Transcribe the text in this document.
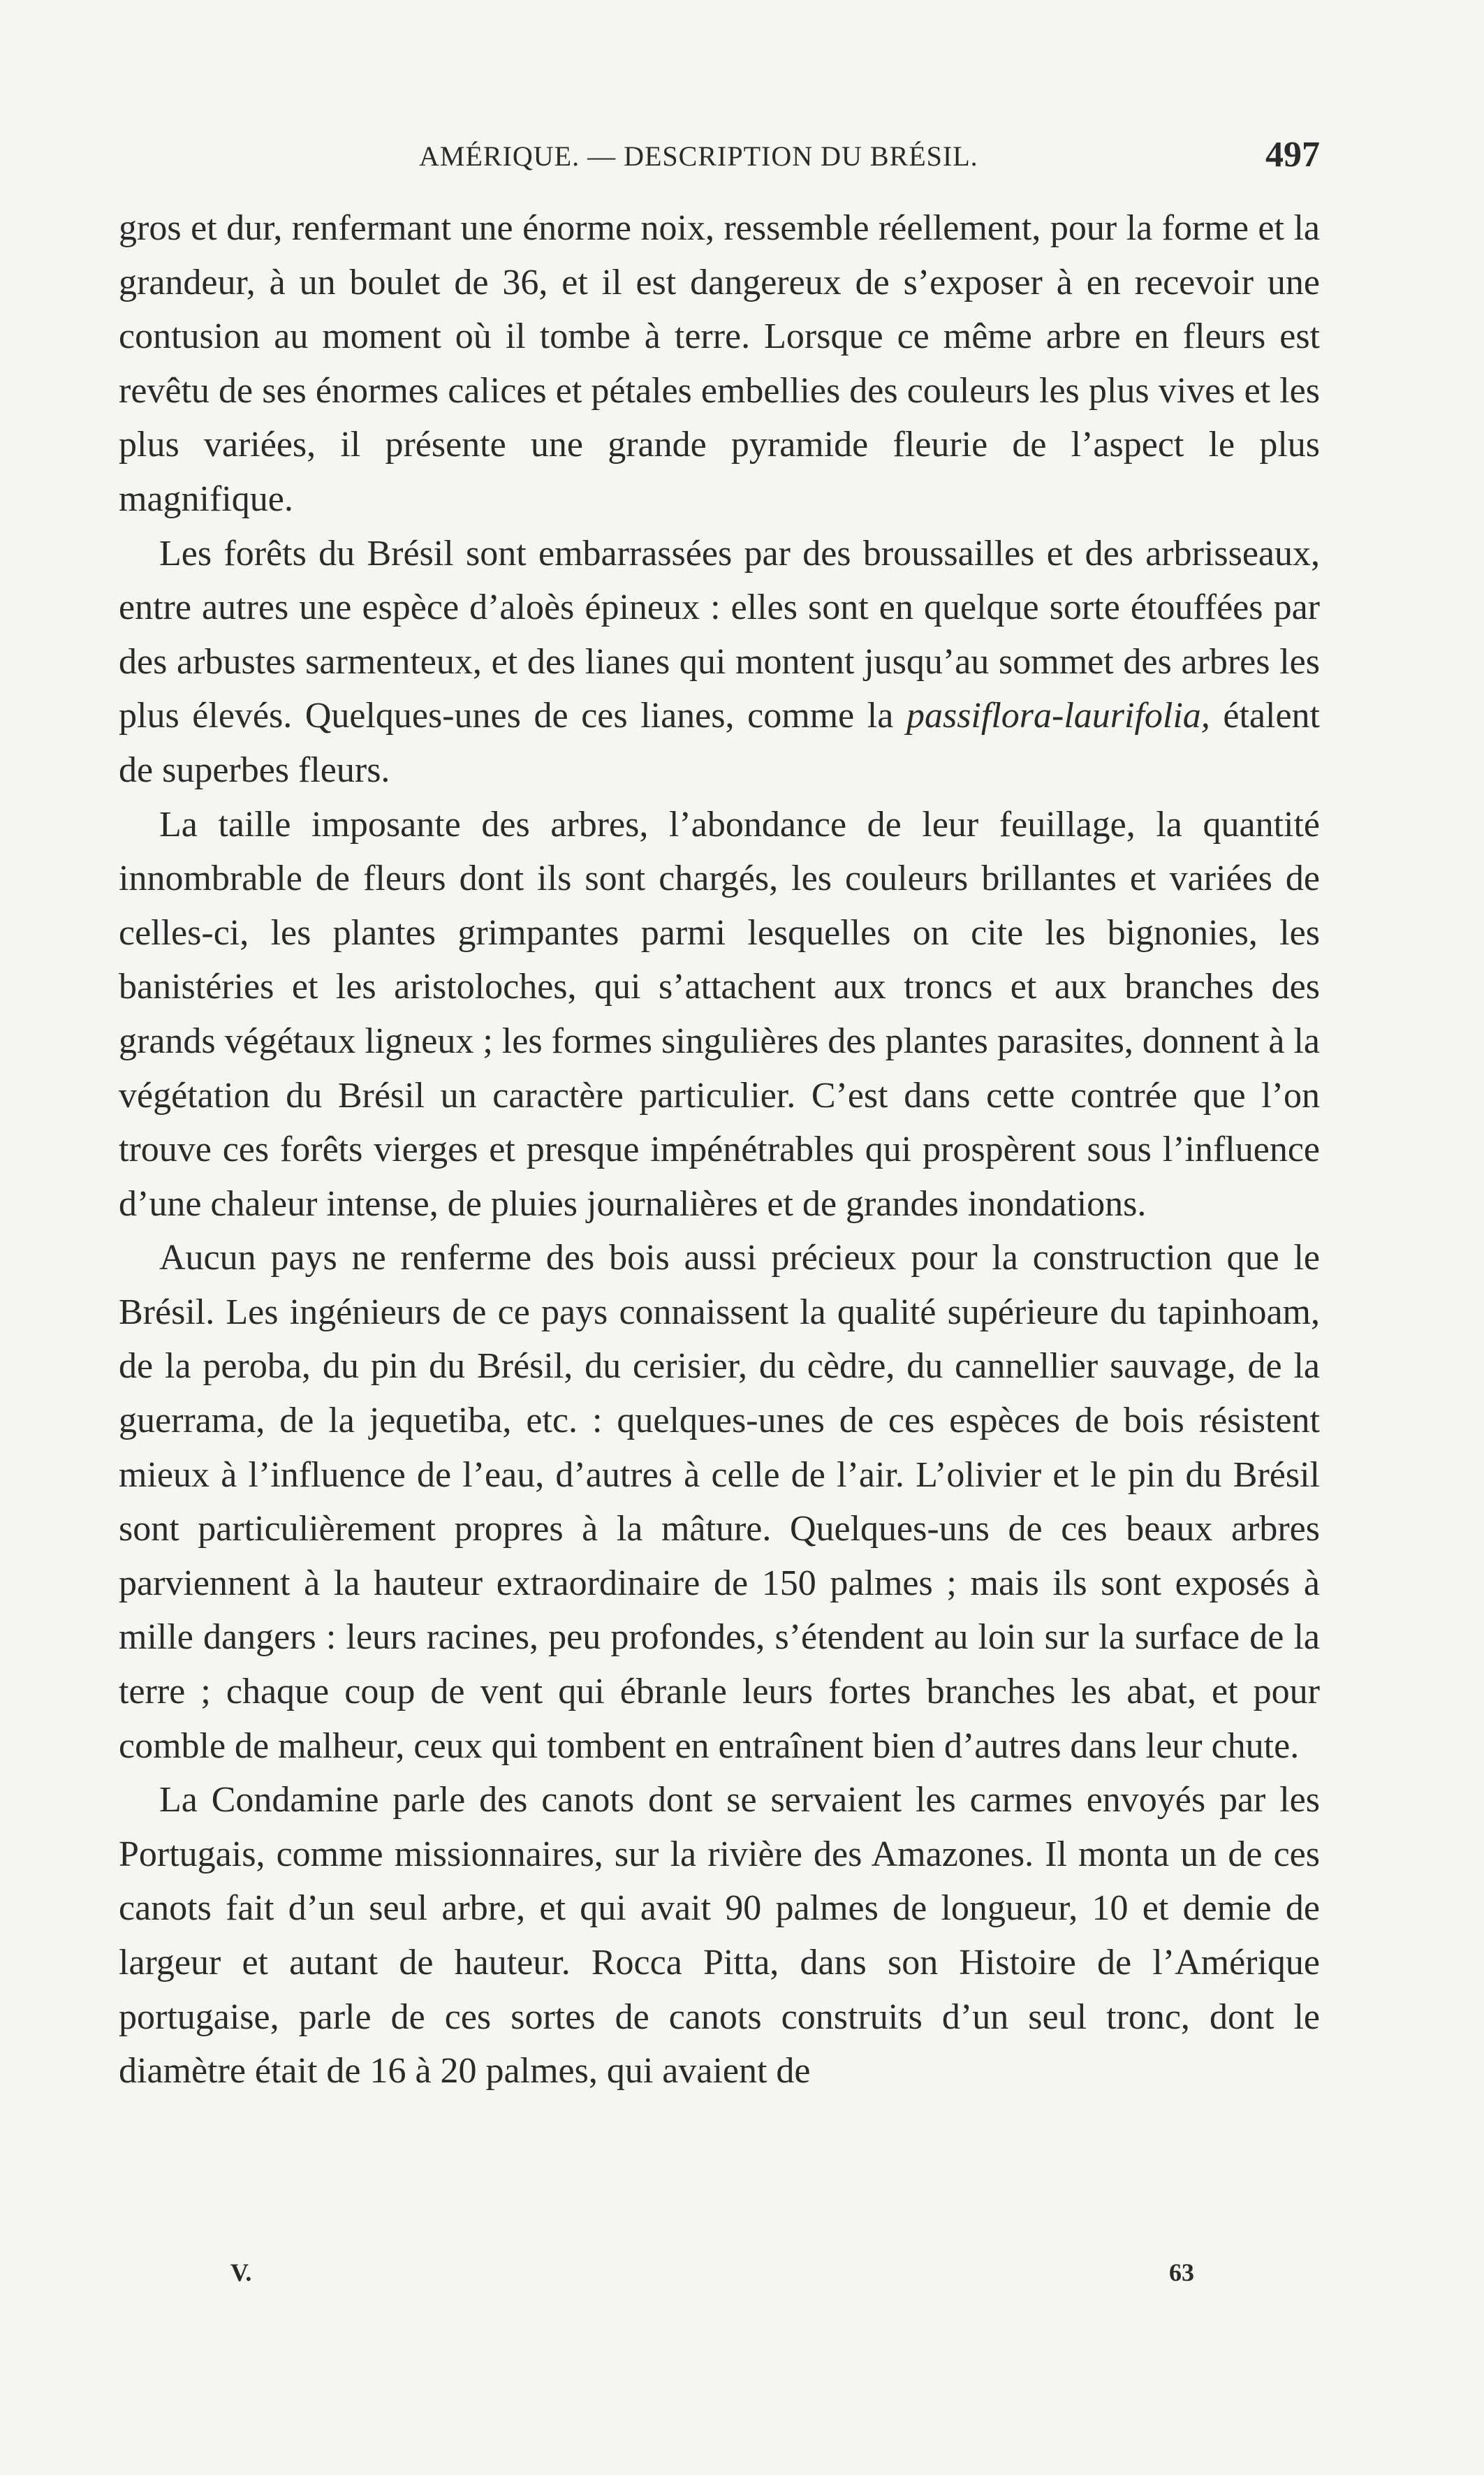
AMÉRIQUE. — DESCRIPTION DU BRÉSIL.	497

gros et dur, renfermant une énorme noix, ressemble réellement, pour la forme et la grandeur, à un boulet de 36, et il est dangereux de s’exposer à en recevoir une contusion au moment où il tombe à terre. Lorsque ce même arbre en fleurs est revêtu de ses énormes calices et pétales embellies des couleurs les plus vives et les plus variées, il présente une grande pyramide fleurie de l’aspect le plus magnifique.

Les forêts du Brésil sont embarrassées par des broussailles et des arbrisseaux, entre autres une espèce d’aloès épineux : elles sont en quelque sorte étouffées par des arbustes sarmenteux, et des lianes qui montent jusqu’au sommet des arbres les plus élevés. Quelques-unes de ces lianes, comme la passiflora-laurifolia, étalent de superbes fleurs.

La taille imposante des arbres, l’abondance de leur feuillage, la quantité innombrable de fleurs dont ils sont chargés, les couleurs brillantes et variées de celles-ci, les plantes grimpantes parmi lesquelles on cite les bignonies, les banistéries et les aristoloches, qui s’attachent aux troncs et aux branches des grands végétaux ligneux ; les formes singulières des plantes parasites, donnent à la végétation du Brésil un caractère particulier. C’est dans cette contrée que l’on trouve ces forêts vierges et presque impénétrables qui prospèrent sous l’influence d’une chaleur intense, de pluies journalières et de grandes inondations.

Aucun pays ne renferme des bois aussi précieux pour la construction que le Brésil. Les ingénieurs de ce pays connaissent la qualité supérieure du tapinhoam, de la peroba, du pin du Brésil, du cerisier, du cèdre, du cannellier sauvage, de la guerrama, de la jequetiba, etc. : quelques-unes de ces espèces de bois résistent mieux à l’influence de l’eau, d’autres à celle de l’air. L’olivier et le pin du Brésil sont particulièrement propres à la mâture. Quelques-uns de ces beaux arbres parviennent à la hauteur extraordinaire de 150 palmes ; mais ils sont exposés à mille dangers : leurs racines, peu profondes, s’étendent au loin sur la surface de la terre ; chaque coup de vent qui ébranle leurs fortes branches les abat, et pour comble de malheur, ceux qui tombent en entraînent bien d’autres dans leur chute.

La Condamine parle des canots dont se servaient les carmes envoyés par les Portugais, comme missionnaires, sur la rivière des Amazones. Il monta un de ces canots fait d’un seul arbre, et qui avait 90 palmes de longueur, 10 et demie de largeur et autant de hauteur. Rocca Pitta, dans son Histoire de l’Amérique portugaise, parle de ces sortes de canots construits d’un seul tronc, dont le diamètre était de 16 à 20 palmes, qui avaient de

V.	63
